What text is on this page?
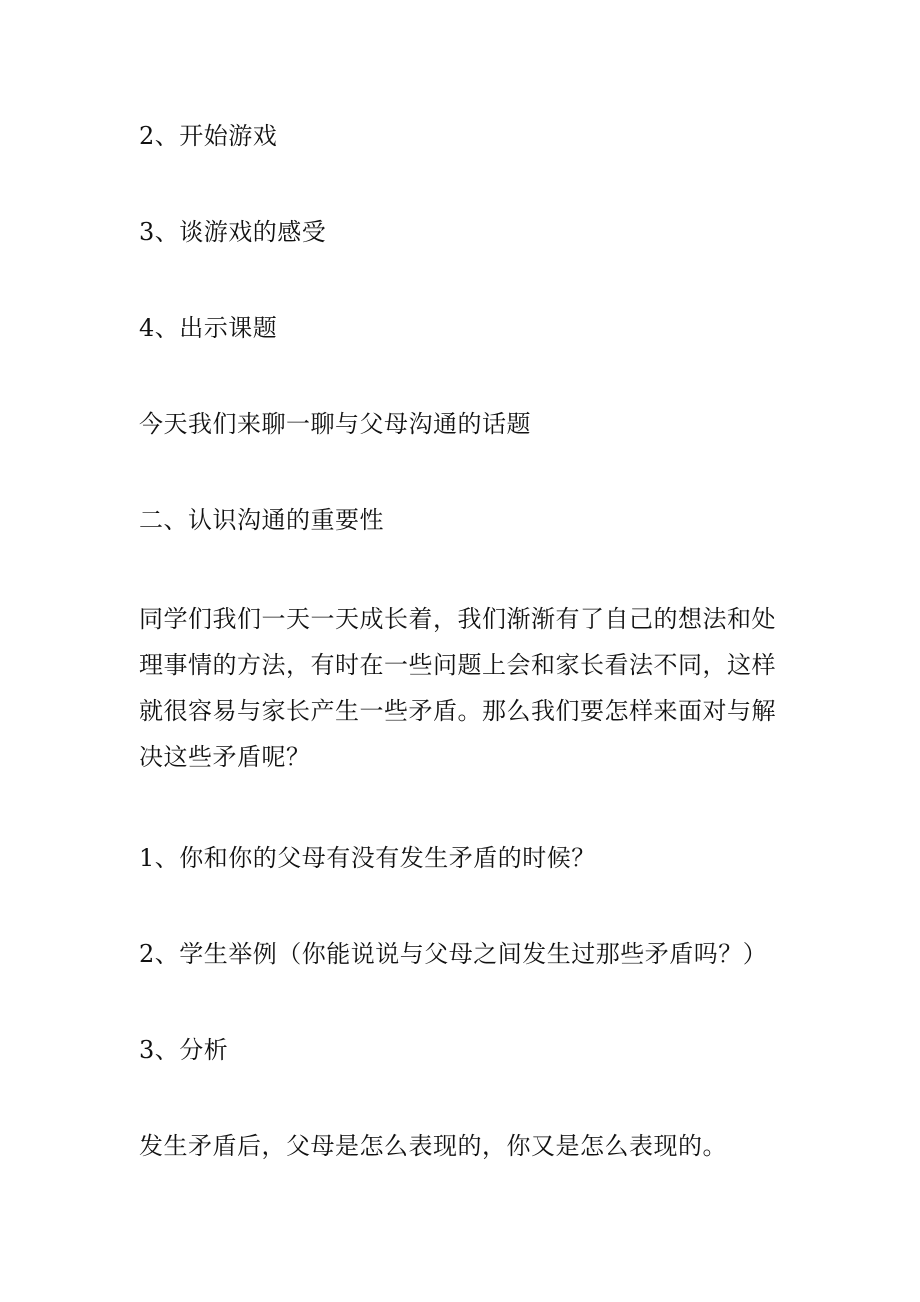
2、开始游戏

3、谈游戏的感受

4、出示课题

今天我们来聊一聊与父母沟通的话题

二、认识沟通的重要性

同学们我们一天一天成长着，我们渐渐有了自己的想法和处理事情的方法，有时在一些问题上会和家长看法不同，这样就很容易与家长产生一些矛盾。那么我们要怎样来面对与解决这些矛盾呢？

1、你和你的父母有没有发生矛盾的时候？

2、学生举例（你能说说与父母之间发生过那些矛盾吗？）

3、分析

发生矛盾后，父母是怎么表现的，你又是怎么表现的。
